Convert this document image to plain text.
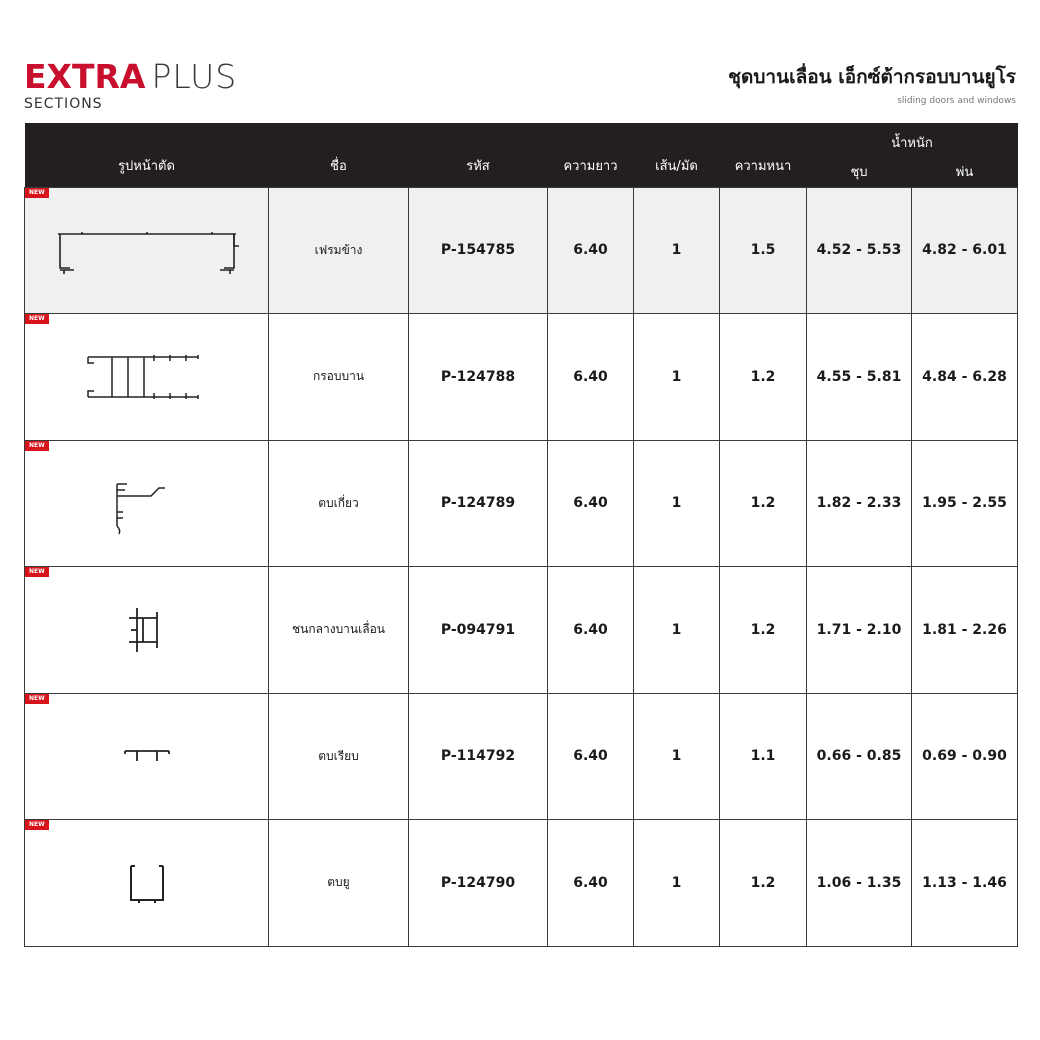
EXTRA PLUS
SECTIONS
ชุดบานเลื่อน เอ็กซ์ต้ากรอบบานยูโร
sliding doors and windows
รูปหน้าตัด	ชื่อ	รหัส	ความยาว	เส้น/มัด	ความหนา	น้ำหนัก	
						ชุบ	พ่น

NEW	เฟรมข้าง	P-154785	6.40	1	1.5	4.52 - 5.53	4.82 - 6.01

NEW	กรอบบาน	P-124788	6.40	1	1.2	4.55 - 5.81	4.84 - 6.28

NEW	ตบเกี่ยว	P-124789	6.40	1	1.2	1.82 - 2.33	1.95 - 2.55

NEW	ชนกลางบานเลื่อน	P-094791	6.40	1	1.2	1.71 - 2.10	1.81 - 2.26

NEW	ตบเรียบ	P-114792	6.40	1	1.1	0.66 - 0.85	0.69 - 0.90

NEW	ตบยู	P-124790	6.40	1	1.2	1.06 - 1.35	1.13 - 1.46
